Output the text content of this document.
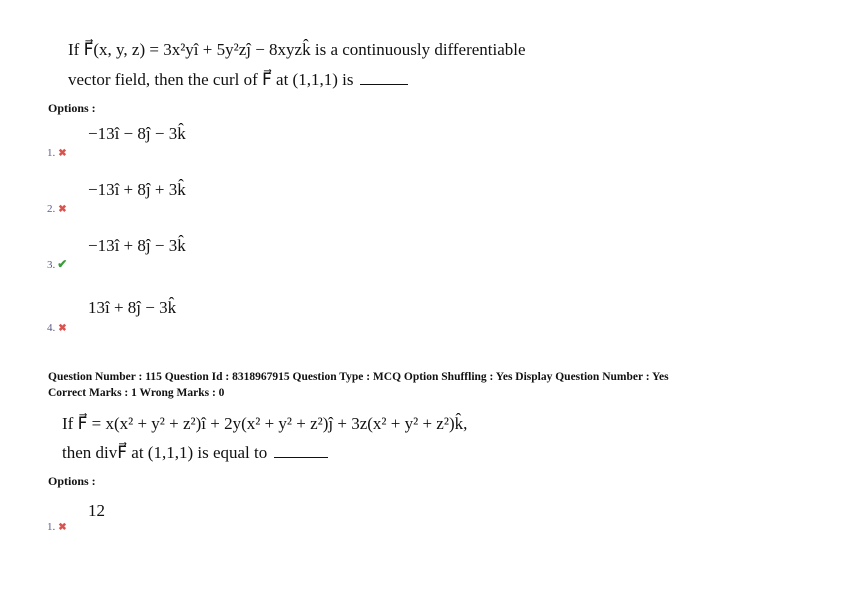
If F⃗(x, y, z) = 3x²yî + 5y²zĵ − 8xyzk̂ is a continuously differentiable
vector field, then the curl of F⃗ at (1,1,1) is
Options :
−13î − 8ĵ − 3k̂
1. ✖
−13î + 8ĵ + 3k̂
2. ✖
−13î + 8ĵ − 3k̂
3. ✔
13î + 8ĵ − 3k̂
4. ✖
Question Number : 115 Question Id : 8318967915 Question Type : MCQ Option Shuffling : Yes Display Question Number : Yes
Correct Marks : 1 Wrong Marks : 0
If F⃗ = x(x² + y² + z²)î + 2y(x² + y² + z²)ĵ + 3z(x² + y² + z²)k̂,
then divF⃗ at (1,1,1) is equal to
Options :
12
1. ✖
